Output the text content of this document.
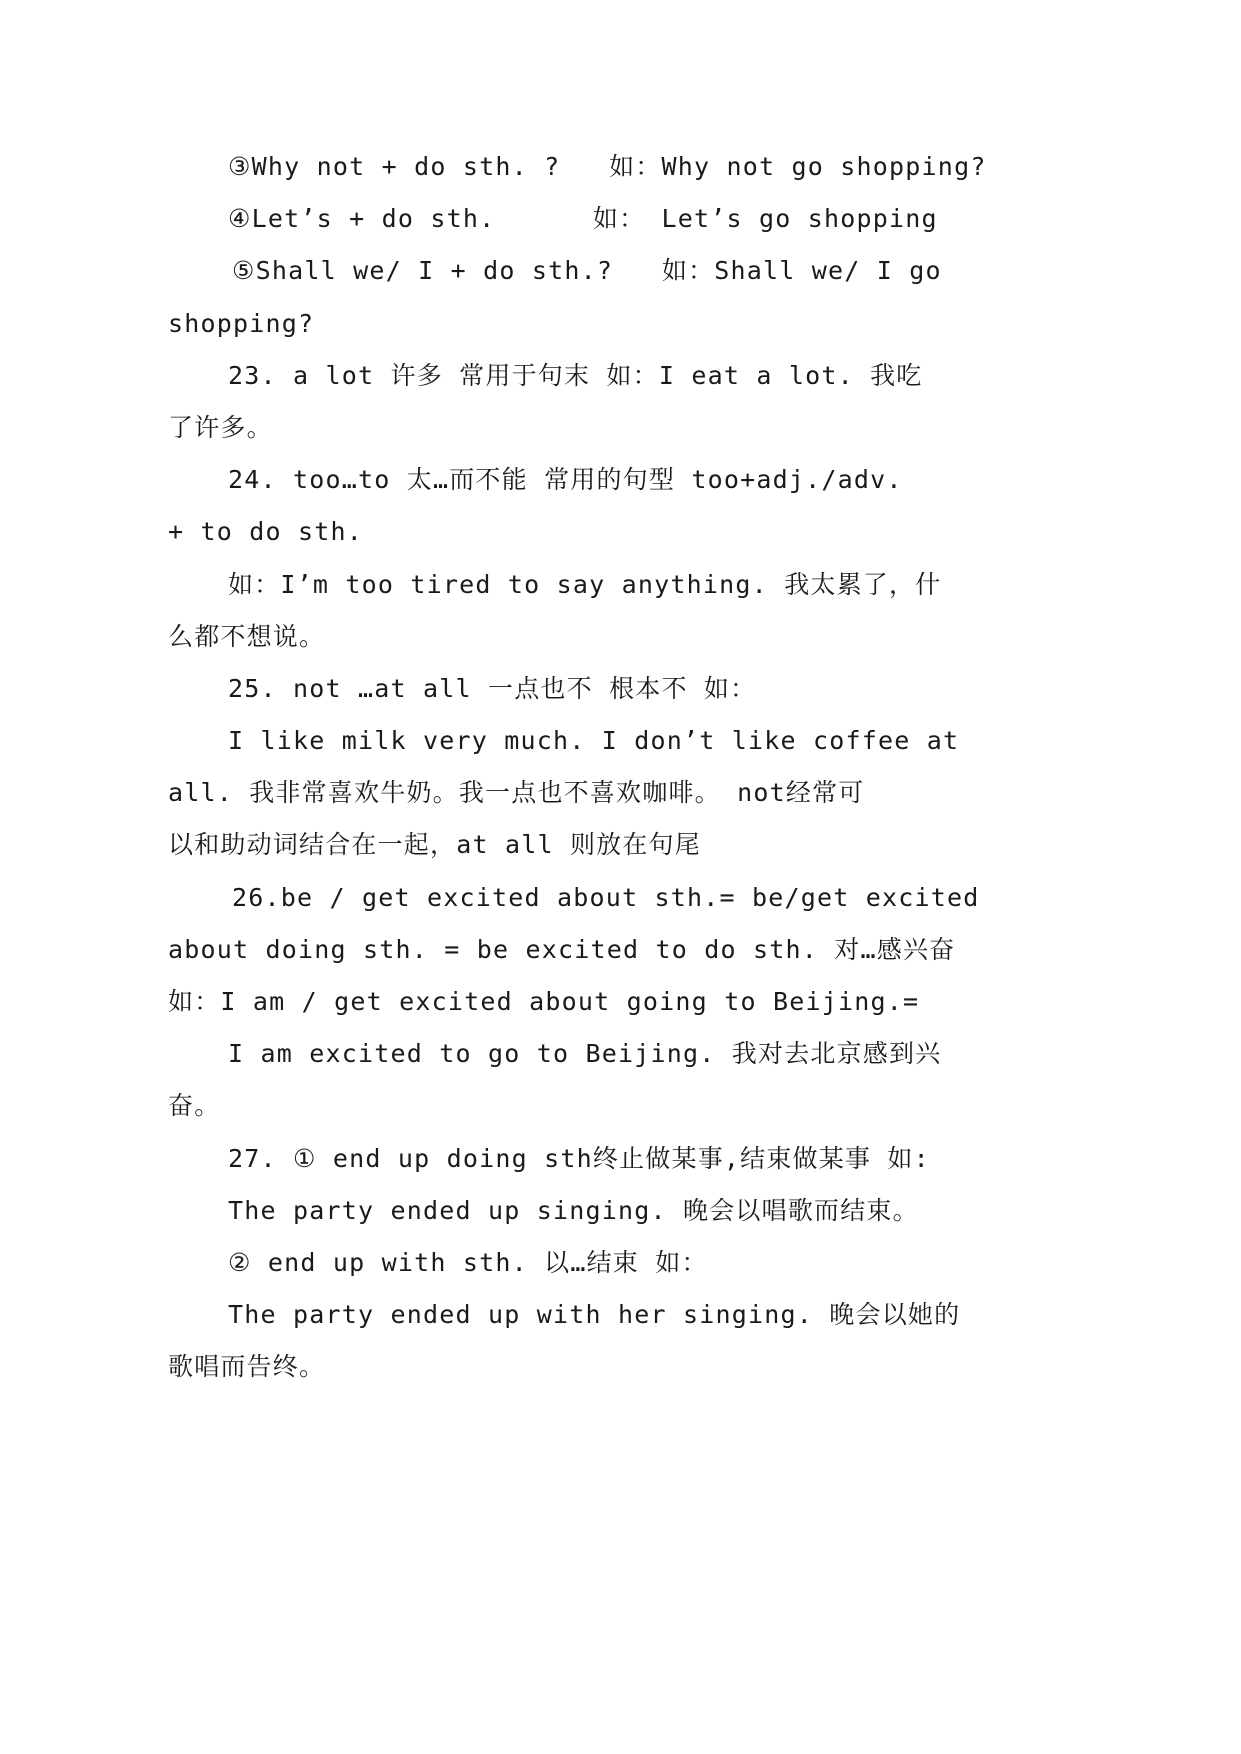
③Why not + do sth. ?   如：Why not go shopping?
④Let’s + do sth.      如： Let’s go shopping
⑤Shall we/ I + do sth.?   如：Shall we/ I go
shopping?
23. a lot 许多 常用于句末 如：I eat a lot. 我吃
了许多。
24. too…to 太…而不能 常用的句型 too+adj./adv.
+ to do sth.
如：I’m too tired to say anything. 我太累了，什
么都不想说。
25. not …at all 一点也不 根本不 如：
I like milk very much. I don’t like coffee at
all. 我非常喜欢牛奶。我一点也不喜欢咖啡。 not经常可
以和助动词结合在一起，at all 则放在句尾
26.be / get excited about sth.= be/get excited
about doing sth. = be excited to do sth. 对…感兴奋
如：I am / get excited about going to Beijing.=
I am excited to go to Beijing. 我对去北京感到兴
奋。
27. ① end up doing sth终止做某事,结束做某事 如:
The party ended up singing. 晚会以唱歌而结束。
② end up with sth. 以…结束 如：
The party ended up with her singing. 晚会以她的
歌唱而告终。
